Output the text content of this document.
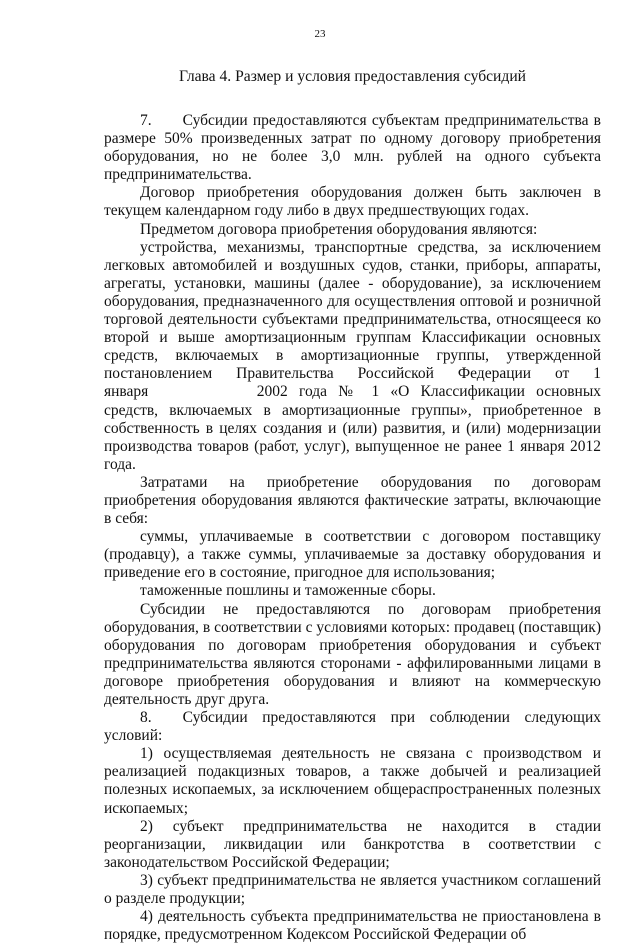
23
Глава 4. Размер и условия предоставления субсидий

7.  Субсидии предоставляются субъектам предпринимательства в размере 50% произведенных затрат по одному договору приобретения оборудования, но не более 3,0 млн. рублей на одного субъекта предпринимательства.

Договор приобретения оборудования должен быть заключен в текущем календарном году либо в двух предшествующих годах.

Предметом договора приобретения оборудования являются:

устройства, механизмы, транспортные средства, за исключением легковых автомобилей и воздушных судов, станки, приборы, аппараты, агрегаты, установки, машины (далее - оборудование), за исключением оборудования, предназначенного для осуществления оптовой и розничной торговой деятельности субъектами предпринимательства, относящееся ко второй и выше амортизационным группам Классификации основных средств, включаемых в амортизационные группы, утвержденной постановлением Правительства Российской Федерации от 1 января       2002 года № 1 «О Классификации основных средств, включаемых в амортизационные группы», приобретенное в собственность в целях создания и (или) развития, и (или) модернизации производства товаров (работ, услуг), выпущенное не ранее 1 января 2012 года.

Затратами на приобретение оборудования по договорам приобретения оборудования являются фактические затраты, включающие в себя:

суммы, уплачиваемые в соответствии с договором поставщику (продавцу), а также суммы, уплачиваемые за доставку оборудования и приведение его в состояние, пригодное для использования;

таможенные пошлины и таможенные сборы.

Субсидии не предоставляются по договорам приобретения оборудования, в соответствии с условиями которых: продавец (поставщик) оборудования по договорам приобретения оборудования и субъект предпринимательства являются сторонами - аффилированными лицами в договоре приобретения оборудования и влияют на коммерческую деятельность друг друга.

8.  Субсидии предоставляются при соблюдении следующих условий:

1) осуществляемая деятельность не связана с производством и реализацией подакцизных товаров, а также добычей и реализацией полезных ископаемых, за исключением общераспространенных полезных ископаемых;

2) субъект предпринимательства не находится в стадии реорганизации, ликвидации или банкротства в соответствии с законодательством Российской Федерации;

3) субъект предпринимательства не является участником соглашений о разделе продукции;

4) деятельность субъекта предпринимательства не приостановлена в порядке, предусмотренном Кодексом Российской Федерации об
